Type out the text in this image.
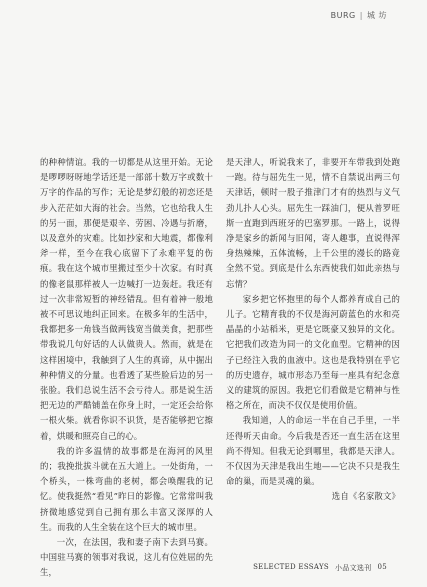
BURG | 城 坊

的种种情谊。我的一切都是从这里开始。无论是啰啰呀呀地学话还是一部部十数万字或数十万字的作品的写作；无论是梦幻般的初恋还是步入茫茫如大海的社会。当然，它也给我人生的另一面，那便是艰辛、劳困、冷遇与折磨，以及意外的灾难。比如抄家和大地震，都像利斧一样，至今在我心底留下了永难平复的伤痕。我在这个城市里搬过至少十次家。有时真的像老鼠那样被人一边喊打一边轰赶。我还有过一次非常短暂的神经错乱。但有着神一般地被不可思议地纠正回来。在极多年的生活中，我都把多一角钱当做两钱宽当做美食，把那些带我说几句好话的人认做贵人。然而，就是在这样困境中，我触到了人生的真谛，从中掘出种种情义的分量。也看透了某些脸后边的另一张脸。我们总说生活不会亏待人。那是说生活把无边的严酷铺盖在你身上时，一定还会给你一根火柴。就看你识不识货，是否能够把它擦着，烘暖和照亮自己的心。

我的许多温情的故事都是在海河的风里的；我挽批拔斗就在五大道上。一处街角，一个桥头，一株弯曲的老树，都会唤醒我的记忆。使我挺然“看见”昨日的影像。它常常叫我挤微地感觉到自己拥有那么丰富又深厚的人生。而我的人生全装在这个巨大的城市里。

一次，在法国，我和妻子南下去到马赛。中国驻马赛的领事对我说，这儿有位姓屈的先生，

是天津人，听说我来了，非要开车带我到处跑一跑。待与屈先生一见，情不自禁说出两三句天津话，顿时一股子推津门才有的热烈与义气劲儿扑人心头。屈先生一踩油门，便从普罗旺斯一直跑到西班牙的巴塞罗那。一路上，说得净是家乡的新闻与旧闻，寄人趣事，直说得浑身热辣辣，五体流畅，上千公里的漫长的路竟全然不觉。到底是什么东西使我们如此亲热与忘情？

家乡把它怀抱里的每个人都养育成自己的儿子。它精育我的不仅是海河蔚蓝色的水和亮晶晶的小站稻米，更是它既豪又独异的文化。它把我们改造为同一的文化血型。它精神的因子已经注入我的血液中。这也是我特别在乎它的历史遗存，城市形态乃至每一座具有纪念意义的建筑的原因。我把它们看做是它精神与性格之所在，而决不仅仅是使用价值。

我知道，人的命运一半在自己手里，一半还得听天由命。今后我是否还一直生活在这里尚不得知。但我无论到哪里，我都是天津人。不仅因为天津是我出生地——它决不只是我生命的巢，而是灵魂的巢。

选自《名家散文》

SELECTED ESSAYS 小品文选刊 05
